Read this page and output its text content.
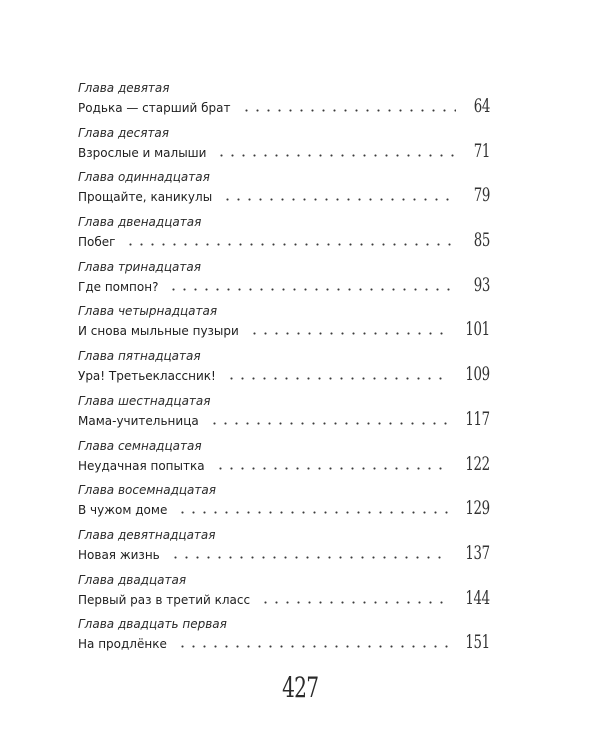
Глава девятая
Родька — старший брат	64
Глава десятая
Взрослые и малыши	71
Глава одиннадцатая
Прощайте, каникулы	79
Глава двенадцатая
Побег	85
Глава тринадцатая
Где помпон?	93
Глава четырнадцатая
И снова мыльные пузыри	101
Глава пятнадцатая
Ура! Третьеклассник!	109
Глава шестнадцатая
Мама-учительница	117
Глава семнадцатая
Неудачная попытка	122
Глава восемнадцатая
В чужом доме	129
Глава девятнадцатая
Новая жизнь	137
Глава двадцатая
Первый раз в третий класс	144
Глава двадцать первая
На продлёнке	151
427
